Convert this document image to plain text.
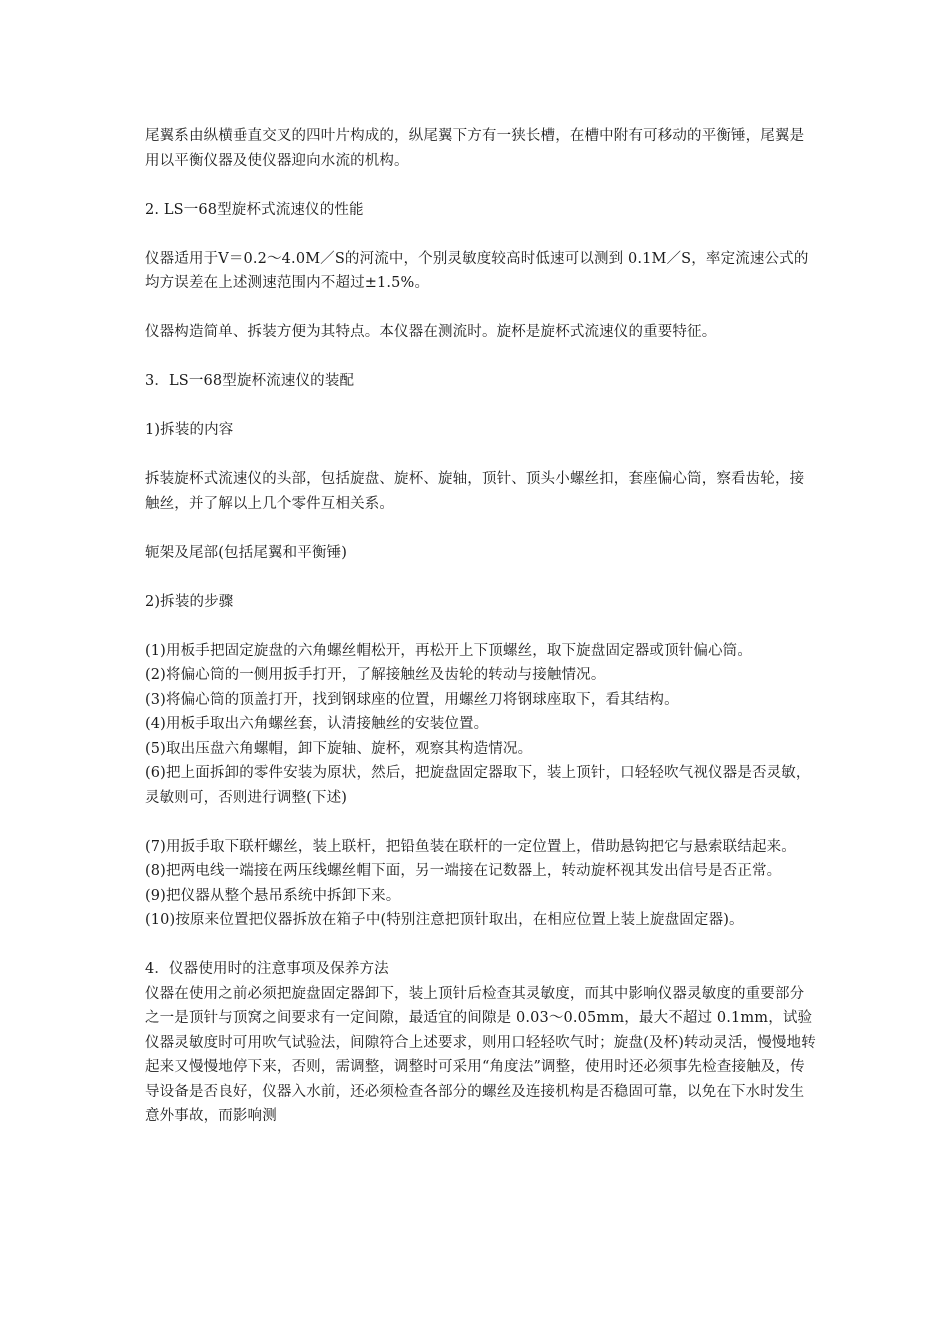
尾翼系由纵横垂直交叉的四叶片构成的，纵尾翼下方有一狭长槽，在槽中附有可移动的平衡锤，尾翼是用以平衡仪器及使仪器迎向水流的机构。

2. LS一68型旋杯式流速仪的性能

仪器适用于V＝0.2～4.0M／S的河流中，个别灵敏度较高时低速可以测到 0.1M／S，率定流速公式的均方误差在上述测速范围内不超过±1.5%。

仪器构造简单、拆装方便为其特点。本仪器在测流时。旋杯是旋杯式流速仪的重要特征。

3．LS一68型旋杯流速仪的装配

1)拆装的内容

拆装旋杯式流速仪的头部，包括旋盘、旋杯、旋轴，顶针、顶头小螺丝扣，套座偏心筒，察看齿轮，接触丝，并了解以上几个零件互相关系。

轭架及尾部(包括尾翼和平衡锤)

2)拆装的步骤

(1)用板手把固定旋盘的六角螺丝帽松开，再松开上下顶螺丝，取下旋盘固定器或顶针偏心筒。

(2)将偏心筒的一侧用扳手打开，了解接触丝及齿轮的转动与接触情况。

(3)将偏心筒的顶盖打开，找到钢球座的位置，用螺丝刀将钢球座取下，看其结构。

(4)用板手取出六角螺丝套，认清接触丝的安装位置。

(5)取出压盘六角螺帽，卸下旋轴、旋杯，观察其构造情况。

(6)把上面拆卸的零件安装为原状，然后，把旋盘固定器取下，装上顶针，口轻轻吹气视仪器是否灵敏，灵敏则可，否则进行调整(下述)

(7)用扳手取下联杆螺丝，装上联杆，把铅鱼装在联杆的一定位置上，借助悬钩把它与悬索联结起来。

(8)把两电线一端接在两压线螺丝帽下面，另一端接在记数器上，转动旋杯视其发出信号是否正常。

(9)把仪器从整个悬吊系统中拆卸下来。

(10)按原来位置把仪器拆放在箱子中(特别注意把顶针取出，在相应位置上装上旋盘固定器)。

4．仪器使用时的注意事项及保养方法

仪器在使用之前必须把旋盘固定器卸下，装上顶针后检查其灵敏度，而其中影响仪器灵敏度的重要部分之一是顶针与顶窝之间要求有一定间隙，最适宜的间隙是 0.03～0.05mm，最大不超过 0.1mm，试验仪器灵敏度时可用吹气试验法，间隙符合上述要求，则用口轻轻吹气时；旋盘(及杯)转动灵活，慢慢地转起来又慢慢地停下来，否则，需调整，调整时可采用“角度法”调整，使用时还必须事先检查接触及，传导设备是否良好，仪器入水前，还必须检查各部分的螺丝及连接机构是否稳固可靠，以免在下水时发生意外事故，而影响测
